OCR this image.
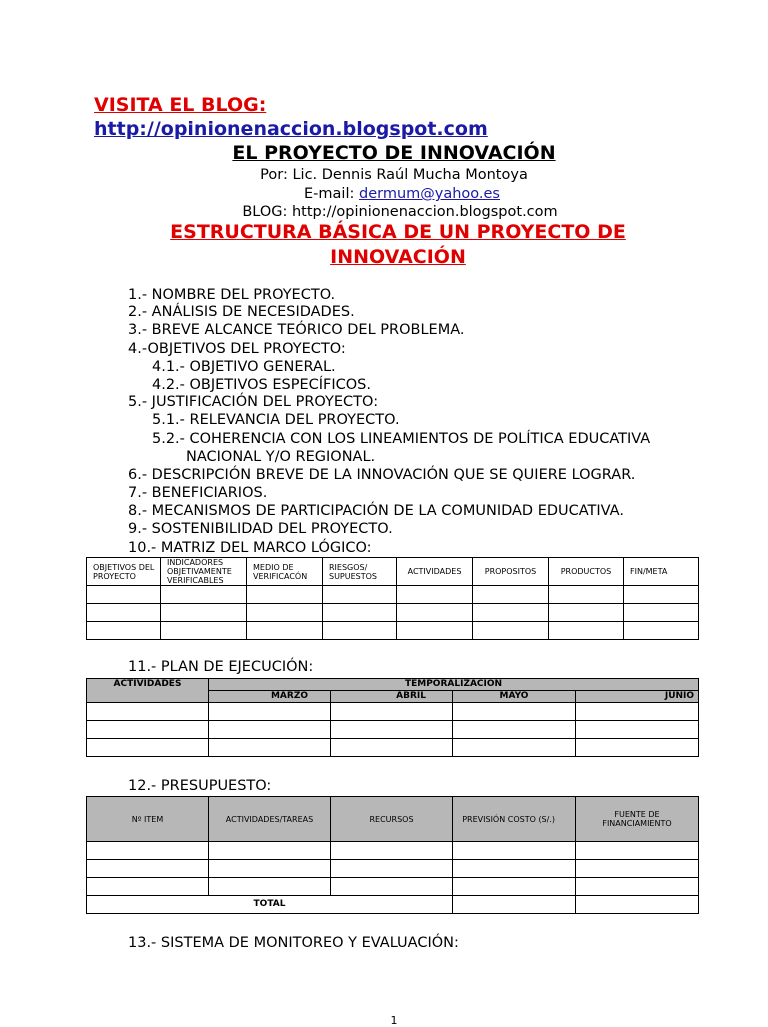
VISITA EL BLOG:
http://opinionenaccion.blogspot.com
EL PROYECTO DE INNOVACIÓN
Por: Lic. Dennis Raúl Mucha Montoya
E-mail: dermum@yahoo.es
BLOG: http://opinionenaccion.blogspot.com
ESTRUCTURA BÁSICA DE UN PROYECTO DE INNOVACIÓN
1.- NOMBRE DEL PROYECTO.
2.- ANÁLISIS DE NECESIDADES.
3.- BREVE ALCANCE TEÓRICO DEL PROBLEMA.
4.-OBJETIVOS DEL PROYECTO:
4.1.- OBJETIVO GENERAL.
4.2.- OBJETIVOS ESPECÍFICOS.
5.- JUSTIFICACIÓN DEL PROYECTO:
5.1.- RELEVANCIA DEL PROYECTO.
5.2.- COHERENCIA CON LOS LINEAMIENTOS DE POLÍTICA EDUCATIVA
NACIONAL Y/O REGIONAL.
6.- DESCRIPCIÓN BREVE DE LA INNOVACIÓN QUE SE QUIERE LOGRAR.
7.- BENEFICIARIOS.
8.- MECANISMOS DE PARTICIPACIÓN DE LA COMUNIDAD EDUCATIVA.
9.- SOSTENIBILIDAD DEL PROYECTO.
10.- MATRIZ DEL MARCO LÓGICO:
OBJETIVOS DEL PROYECTO	INDICADORES OBJETIVAMENTE VERIFICABLES	MEDIO DE VERIFICACÓN	RIESGOS/ SUPUESTOS	ACTIVIDADES	PROPOSITOS	PRODUCTOS	FIN/META

11.- PLAN DE EJECUCIÓN:
ACTIVIDADES	TEMPORALIZACIÓN			
	MARZO	ABRIL	MAYO	JUNIO

12.- PRESUPUESTO:
Nº ITEM	ACTIVIDADES/TAREAS	RECURSOS	PREVISIÓN COSTO (S/.)	FUENTE DE FINANCIAMIENTO

TOTAL				
13.- SISTEMA DE MONITOREO Y EVALUACIÓN:
1
